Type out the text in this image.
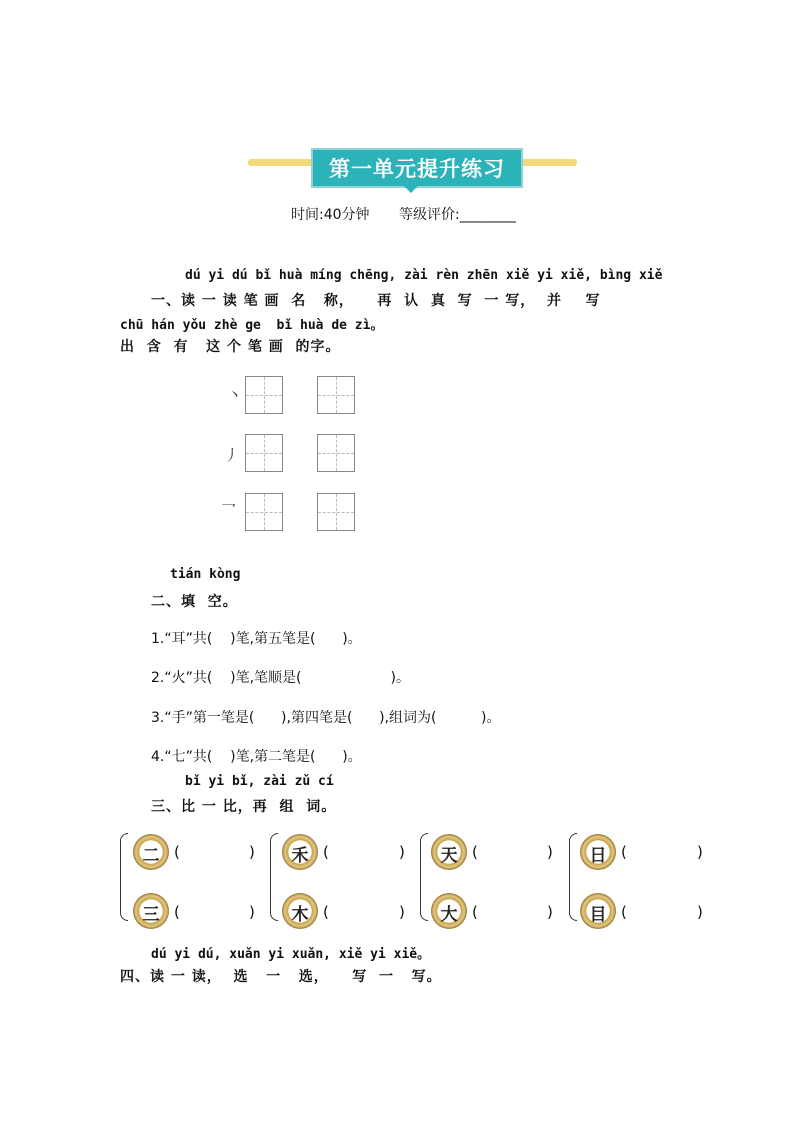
第一单元提升练习
时间:40分钟 等级评价:________
dú yi dú bǐ huà míng chēng, zài rèn zhēn xiě yi xiě, bìng xiě
一、读 一 读 笔 画  名   称，    再  认  真  写  一 写，  并    写
chū hán yǒu zhè ge  bǐ huà de zì。
出  含  有   这 个 笔 画  的字。
丶
丿
乛
tián kòng
二、填  空。
1.“耳”共(    )笔,第五笔是(      )。
2.“火”共(    )笔,笔顺是(                    )。
3.“手”第一笔是(      ),第四笔是(      ),组词为(          )。
4.“七”共(    )笔,第二笔是(      )。
bǐ yi bǐ, zài zǔ cí
三、比 一 比，再  组  词。
二 (	)
三 (	)
禾 (	)
木 (	)
天 (	)
大 (	)
日 (	)
目 (	)
dú yi dú, xuǎn yi xuǎn, xiě yi xiě。
四、读 一 读，  选   一   选，    写  一   写。
